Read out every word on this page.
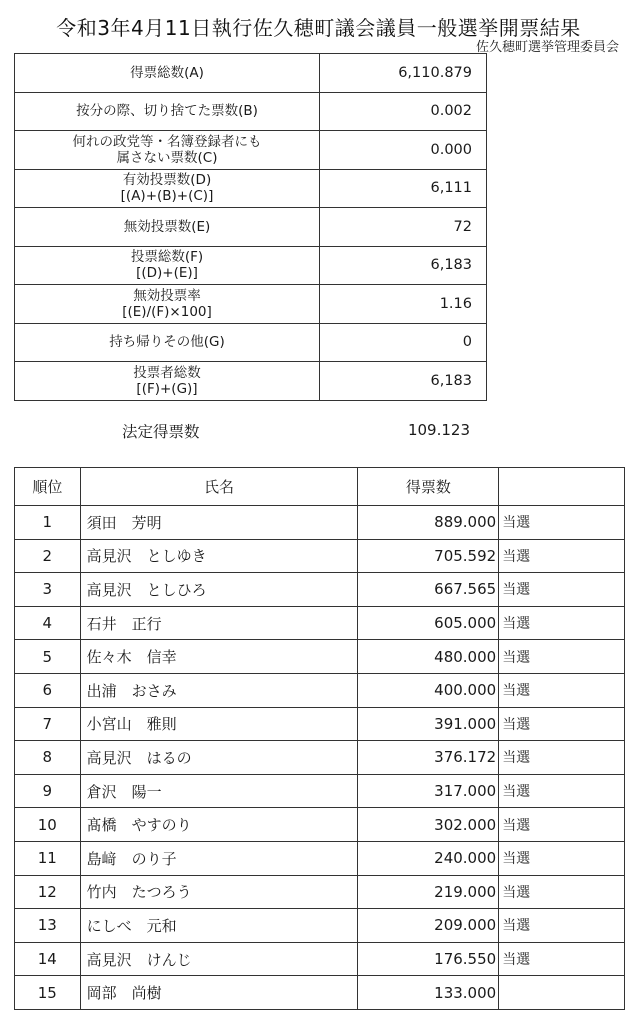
令和3年4月11日執行佐久穂町議会議員一般選挙開票結果
佐久穂町選挙管理委員会
得票総数(A)	6,110.879
按分の際、切り捨てた票数(B)	0.002
何れの政党等・名簿登録者にも
属さない票数(C)	0.000
有効投票数(D)
[(A)+(B)+(C)]	6,111
無効投票数(E)	72
投票総数(F)
[(D)+(E)]	6,183
無効投票率
[(E)/(F)×100]	1.16
持ち帰りその他(G)	0
投票者総数
[(F)+(G)]	6,183
法定得票数	109.123
順位	氏名	得票数	
1	須田　芳明	889.000	当選
2	高見沢　としゆき	705.592	当選
3	高見沢　としひろ	667.565	当選
4	石井　正行	605.000	当選
5	佐々木　信幸	480.000	当選
6	出浦　おさみ	400.000	当選
7	小宮山　雅則	391.000	当選
8	高見沢　はるの	376.172	当選
9	倉沢　陽一	317.000	当選
10	髙橋　やすのり	302.000	当選
11	島﨑　のり子	240.000	当選
12	竹内　たつろう	219.000	当選
13	にしべ　元和	209.000	当選
14	高見沢　けんじ	176.550	当選
15	岡部　尚樹	133.000	
